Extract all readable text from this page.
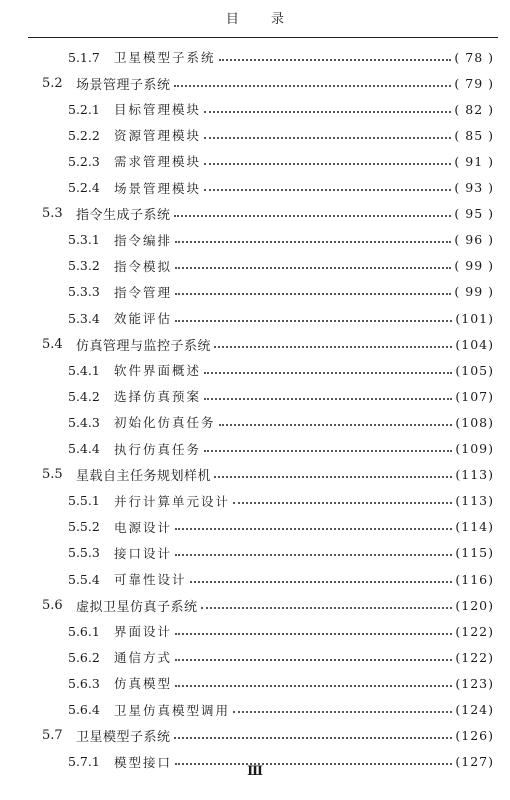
目 录
5.1.7	卫星模型子系统	( 78 )
5.2	场景管理子系统	( 79 )
5.2.1	目标管理模块	( 82 )
5.2.2	资源管理模块	( 85 )
5.2.3	需求管理模块	( 91 )
5.2.4	场景管理模块	( 93 )
5.3	指令生成子系统	( 95 )
5.3.1	指令编排	( 96 )
5.3.2	指令模拟	( 99 )
5.3.3	指令管理	( 99 )
5.3.4	效能评估	(101)
5.4	仿真管理与监控子系统	(104)
5.4.1	软件界面概述	(105)
5.4.2	选择仿真预案	(107)
5.4.3	初始化仿真任务	(108)
5.4.4	执行仿真任务	(109)
5.5	星载自主任务规划样机	(113)
5.5.1	并行计算单元设计	(113)
5.5.2	电源设计	(114)
5.5.3	接口设计	(115)
5.5.4	可靠性设计	(116)
5.6	虚拟卫星仿真子系统	(120)
5.6.1	界面设计	(122)
5.6.2	通信方式	(122)
5.6.3	仿真模型	(123)
5.6.4	卫星仿真模型调用	(124)
5.7	卫星模型子系统	(126)
5.7.1	模型接口	(127)
Ⅲ
